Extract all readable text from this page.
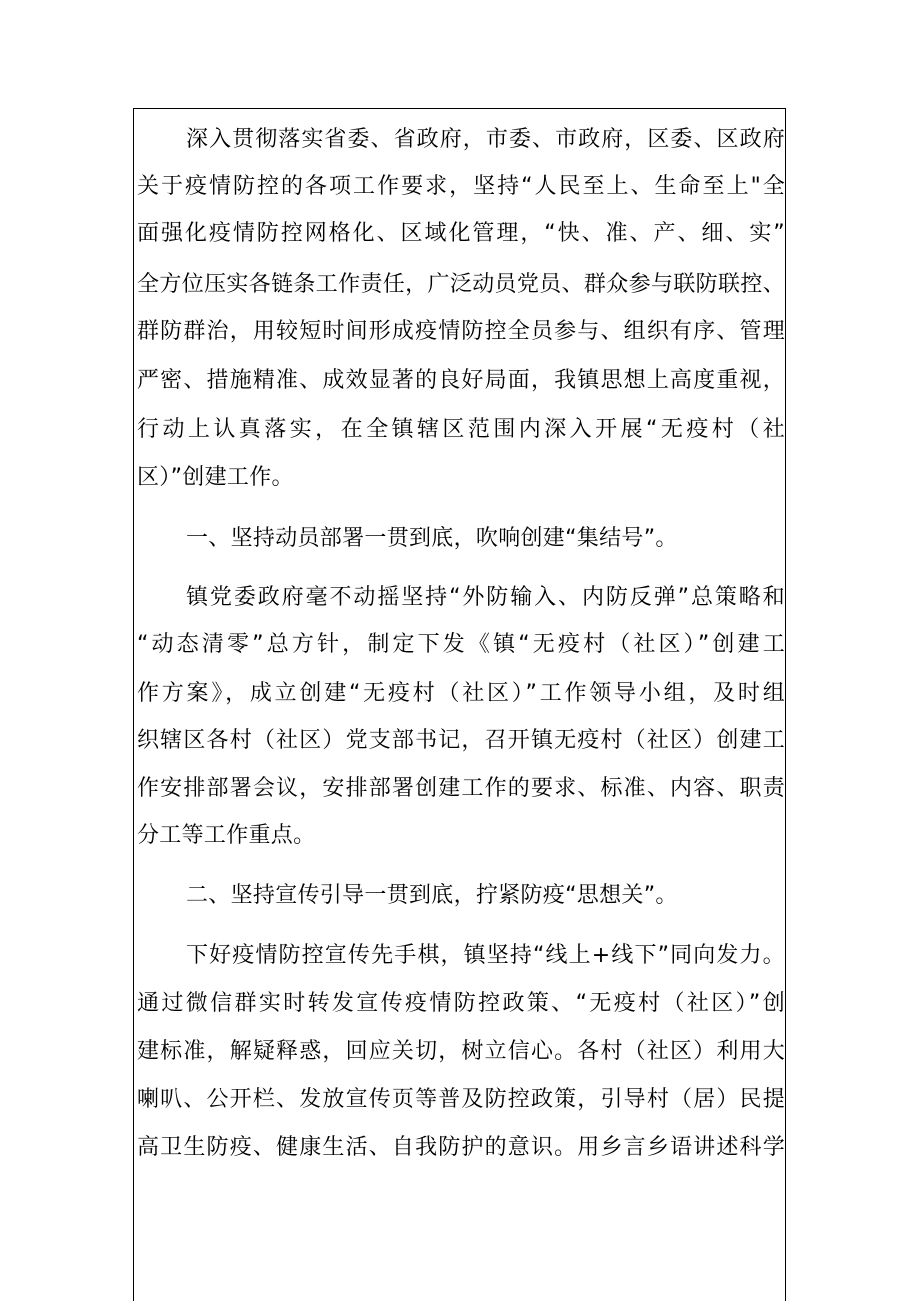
深入贯彻落实省委、省政府，市委、市政府，区委、区政府
关于疫情防控的各项工作要求，坚持“人民至上、生命至上"全
面强化疫情防控网格化、区域化管理，“快、准、产、细、实”
全方位压实各链条工作责任，广泛动员党员、群众参与联防联控、
群防群治，用较短时间形成疫情防控全员参与、组织有序、管理
严密、措施精准、成效显著的良好局面，我镇思想上高度重视，
行动上认真落实，在全镇辖区范围内深入开展“无疫村（社
区）”创建工作。
一、坚持动员部署一贯到底，吹响创建“集结号”。
镇党委政府毫不动摇坚持“外防输入、内防反弹”总策略和
“动态清零”总方针，制定下发《镇“无疫村（社区）”创建工
作方案》，成立创建“无疫村（社区）”工作领导小组，及时组
织辖区各村（社区）党支部书记，召开镇无疫村（社区）创建工
作安排部署会议，安排部署创建工作的要求、标准、内容、职责
分工等工作重点。
二、坚持宣传引导一贯到底，拧紧防疫“思想关”。
下好疫情防控宣传先手棋，镇坚持“线上+线下”同向发力。
通过微信群实时转发宣传疫情防控政策、“无疫村（社区）”创
建标准，解疑释惑，回应关切，树立信心。各村（社区）利用大
喇叭、公开栏、发放宣传页等普及防控政策，引导村（居）民提
高卫生防疫、健康生活、自我防护的意识。用乡言乡语讲述科学
